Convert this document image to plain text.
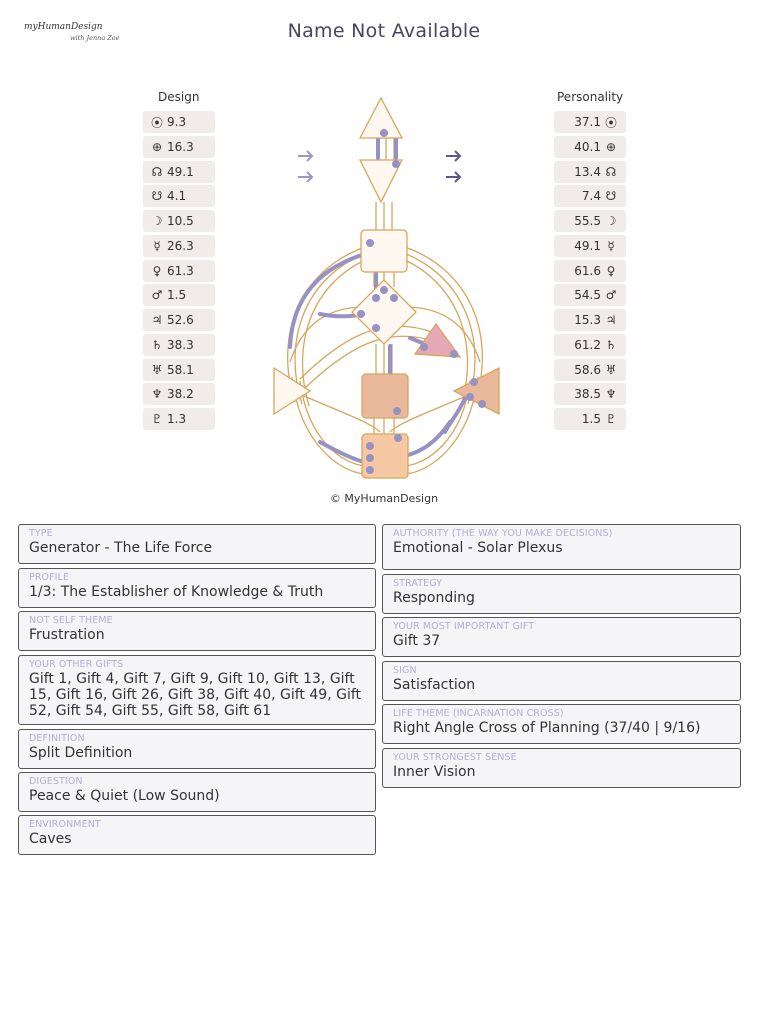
myHumanDesign
with Jenna Zoe	Name Not Available
Design	Personality
⦿ 9.3
⊕ 16.3
☊ 49.1
☋ 4.1
☽ 10.5
☿ 26.3
♀ 61.3
♂ 1.5
♃ 52.6
♄ 38.3
♅ 58.1
♆ 38.2
♇ 1.3
37.1 ⦿
40.1 ⊕
13.4 ☊
7.4 ☋
55.5 ☽
49.1 ☿
61.6 ♀
54.5 ♂
15.3 ♃
61.2 ♄
58.6 ♅
38.5 ♆
1.5 ♇
© MyHumanDesign
TYPE
Generator - The Life Force
PROFILE
1/3: The Establisher of Knowledge & Truth
NOT SELF THEME
Frustration
YOUR OTHER GIFTS
Gift 1, Gift 4, Gift 7, Gift 9, Gift 10, Gift 13, Gift 15, Gift 16, Gift 26, Gift 38, Gift 40, Gift 49, Gift 52, Gift 54, Gift 55, Gift 58, Gift 61
DEFINITION
Split Definition
DIGESTION
Peace & Quiet (Low Sound)
ENVIRONMENT
Caves
AUTHORITY (THE WAY YOU MAKE DECISIONS)
Emotional - Solar Plexus
STRATEGY
Responding
YOUR MOST IMPORTANT GIFT
Gift 37
SIGN
Satisfaction
LIFE THEME (INCARNATION CROSS)
Right Angle Cross of Planning (37/40 | 9/16)
YOUR STRONGEST SENSE
Inner Vision
